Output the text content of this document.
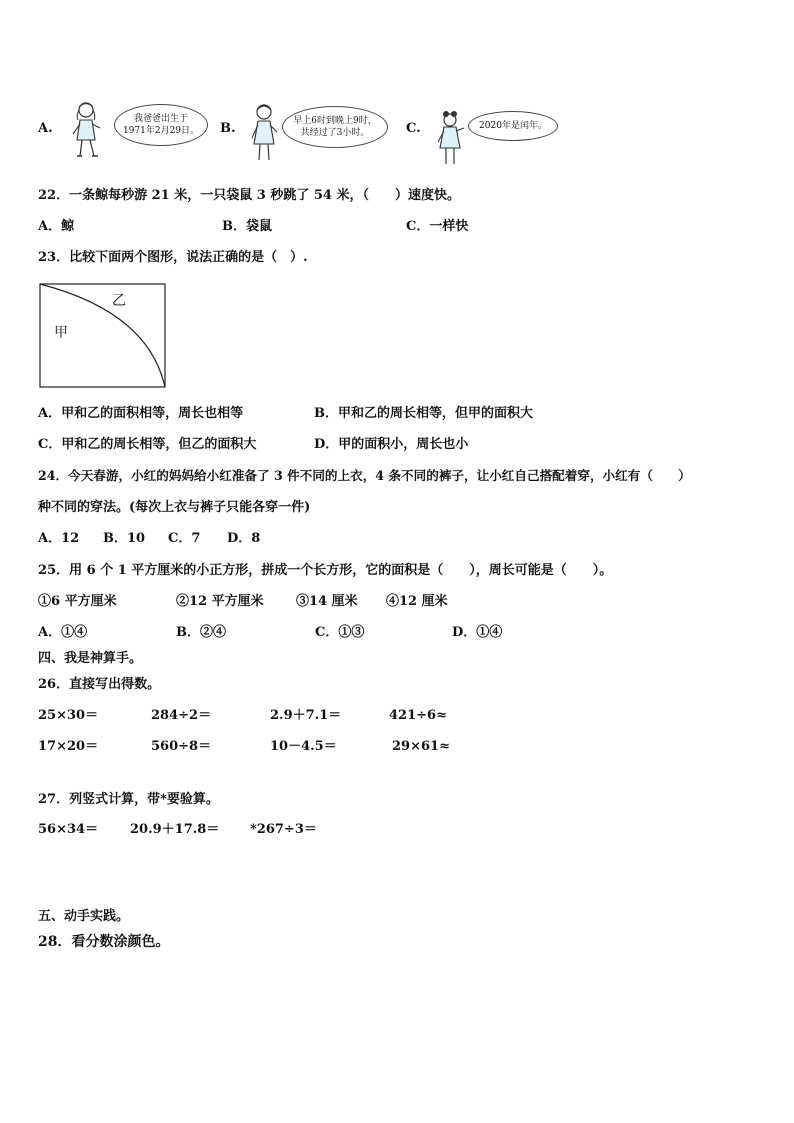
A.
我爸爸出生于
1971年2月29日。 B.	早上6时到晚上9时，
共经过了3小时。	C.	2020年是闰年。
22．一条鲸每秒游 21 米，一只袋鼠 3 秒跳了 54 米，（　　）速度快。
A．鲸	B．袋鼠	C．一样快
23．比较下面两个图形，说法正确的是（　）.
乙
甲
A．甲和乙的面积相等，周长也相等	B．甲和乙的周长相等，但甲的面积大
C．甲和乙的周长相等，但乙的面积大	D．甲的面积小，周长也小
24．今天春游，小红的妈妈给小红准备了 3 件不同的上衣，4 条不同的裤子，让小红自己搭配着穿，小红有（　　）
种不同的穿法。(每次上衣与裤子只能各穿一件)
A．12 B．10 C．7 D．8
25．用 6 个 1 平方厘米的小正方形，拼成一个长方形，它的面积是（　　），周长可能是（　　）。
①6 平方厘米	②12 平方厘米 ③14 厘米 ④12 厘米
A．①④	B．②④	C．①③	D．①④
四、我是神算手。
26．直接写出得数。
25×30＝	284÷2＝	2.9＋7.1＝	421÷6≈
17×20＝	560÷8＝	10－4.5＝	29×61≈
27．列竖式计算，带*要验算。
56×34＝ 20.9＋17.8＝ *267÷3＝
五、动手实践。
28．看分数涂颜色。
